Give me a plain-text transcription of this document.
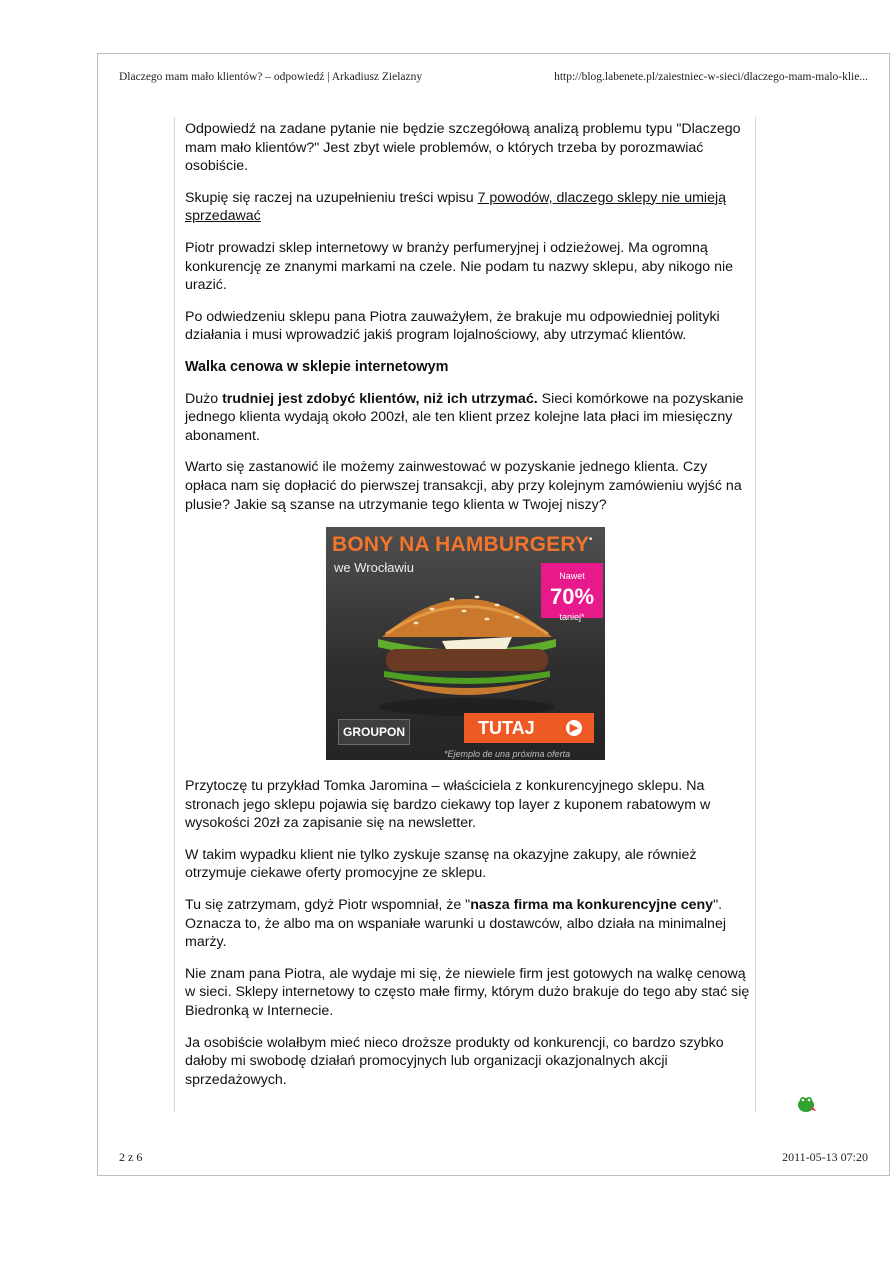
Dlaczego mam mało klientów? – odpowiedź | Arkadiusz Zielazny	http://blog.labenete.pl/zaiestniec-w-sieci/dlaczego-mam-malo-klie...

Odpowiedź na zadane pytanie nie będzie szczegółową analizą problemu typu "Dlaczego mam mało klientów?" Jest zbyt wiele problemów, o których trzeba by porozmawiać osobiście.

Skupię się raczej na uzupełnieniu treści wpisu 7 powodów, dlaczego sklepy nie umieją sprzedawać

Piotr prowadzi sklep internetowy w branży perfumeryjnej i odzieżowej. Ma ogromną konkurencję ze znanymi markami na czele. Nie podam tu nazwy sklepu, aby nikogo nie urazić.

Po odwiedzeniu sklepu pana Piotra zauważyłem, że brakuje mu odpowiedniej polityki działania i musi wprowadzić jakiś program lojalnościowy, aby utrzymać klientów.

Walka cenowa w sklepie internetowym

Dużo trudniej jest zdobyć klientów, niż ich utrzymać. Sieci komórkowe na pozyskanie jednego klienta wydają około 200zł, ale ten klient przez kolejne lata płaci im miesięczny abonament.

Warto się zastanowić ile możemy zainwestować w pozyskanie jednego klienta. Czy opłaca nam się dopłacić do pierwszej transakcji, aby przy kolejnym zamówieniu wyjść na plusie? Jakie są szanse na utrzymanie tego klienta w Twojej niszy?

BONY NA HAMBURGERY*
we Wrocławiu
Nawet
70%
taniej*
GROUPON	TUTAJ	▶
*Ejemplo de una próxima oferta

Przytoczę tu przykład Tomka Jaromina – właściciela z konkurencyjnego sklepu. Na stronach jego sklepu pojawia się bardzo ciekawy top layer z kuponem rabatowym w wysokości 20zł za zapisanie się na newsletter.

W takim wypadku klient nie tylko zyskuje szansę na okazyjne zakupy, ale również otrzymuje ciekawe oferty promocyjne ze sklepu.

Tu się zatrzymam, gdyż Piotr wspomniał, że "nasza firma ma konkurencyjne ceny". Oznacza to, że albo ma on wspaniałe warunki u dostawców, albo działa na minimalnej marży.

Nie znam pana Piotra, ale wydaje mi się, że niewiele firm jest gotowych na walkę cenową w sieci. Sklepy internetowy to często małe firmy, którym dużo brakuje do tego aby stać się Biedronką w Internecie.

Ja osobiście wolałbym mieć nieco droższe produkty od konkurencji, co bardzo szybko dałoby mi swobodę działań promocyjnych lub organizacji okazjonalnych akcji sprzedażowych.

2 z 6	2011-05-13 07:20
